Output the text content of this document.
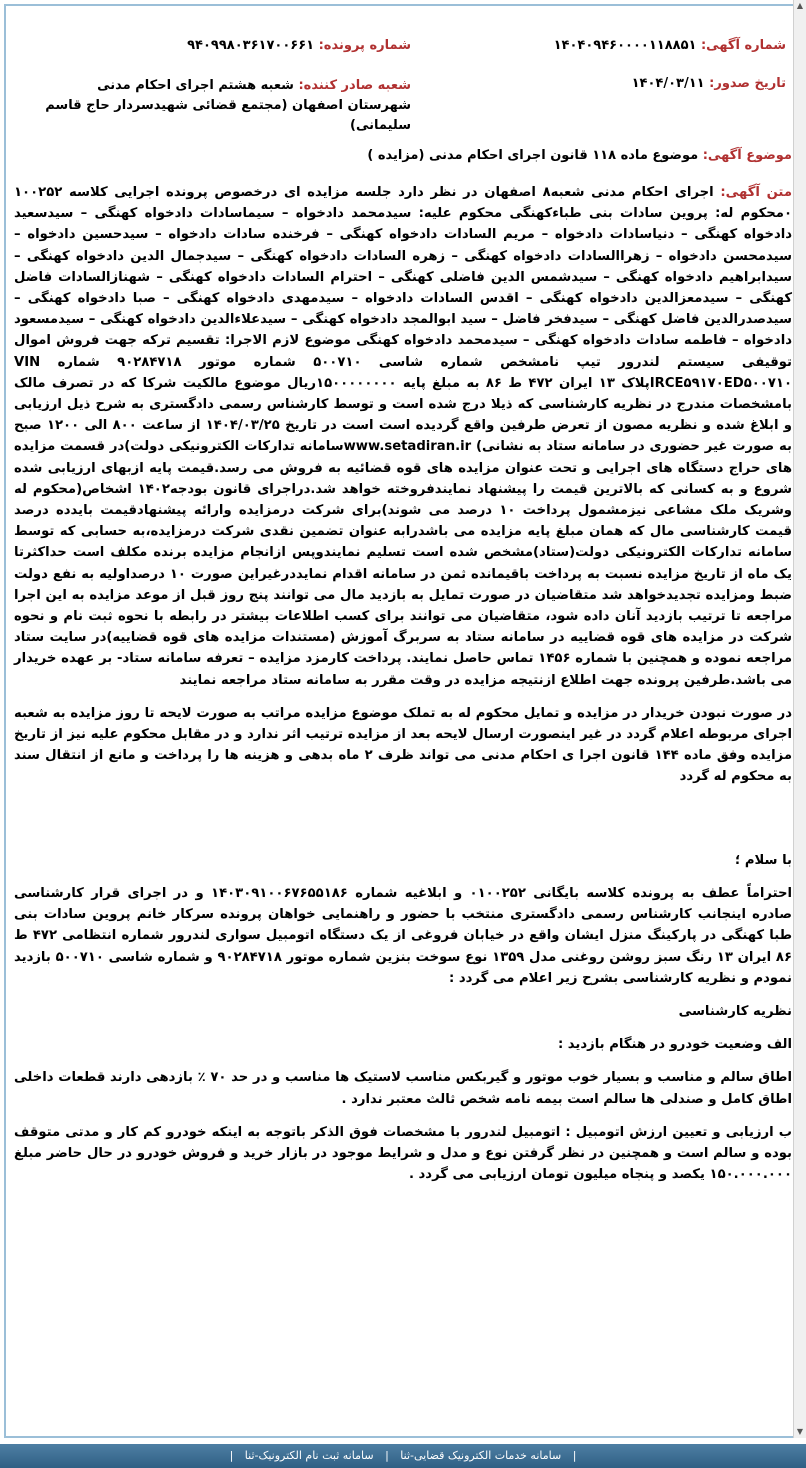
▲
▼
شماره آگهی: ۱۴۰۴۰۹۴۶۰۰۰۰۱۱۸۸۵۱
شماره پرونده: ۹۴۰۹۹۸۰۳۶۱۷۰۰۶۶۱
تاریخ صدور: ۱۴۰۴/۰۳/۱۱
شعبه صادر کننده: شعبه هشتم اجرای احکام مدنی شهرستان اصفهان (مجتمع قضائی شهیدسردار حاج قاسم سلیمانی)
موضوع آگهی: موضوع ماده ۱۱۸ قانون اجرای احکام مدنی (مزایده )

متن آگهی: اجرای احکام مدنی شعبه۸ اصفهان در نظر دارد جلسه مزایده ای درخصوص پرونده اجرایی کلاسه ۱۰۰۲۵۲ ۰محکوم له: پروین سادات بنی طباءکهنگی محکوم علیه: سیدمحمد دادخواه – سیماسادات دادخواه کهنگی – سیدسعید دادخواه کهنگی – دنیاسادات دادخواه – مریم السادات دادخواه کهنگی – فرخنده سادات دادخواه – سیدحسین دادخواه – سیدمحسن دادخواه – زهراالسادات دادخواه کهنگی – زهره السادات دادخواه کهنگی – سیدجمال الدین دادخواه کهنگی – سیدابراهیم دادخواه کهنگی – سیدشمس الدین فاضلی کهنگی – احترام السادات دادخواه کهنگی – شهنازالسادات فاضل کهنگی – سیدمعزالدین دادخواه کهنگی – اقدس السادات دادخواه – سیدمهدی دادخواه کهنگی – صبا دادخواه کهنگی – سیدصدرالدین فاضل کهنگی – سیدفخر فاضل – سید ابوالمجد دادخواه کهنگی – سیدعلاءالدین دادخواه کهنگی – سیدمسعود دادخواه – فاطمه سادات دادخواه کهنگی – سیدمحمد دادخواه کهنگی موضوع لازم الاجرا: تقسیم ترکه جهت فروش اموال توقیفی سیستم لندرور تیپ نامشخص شماره شاسی ۵۰۰۷۱۰ شماره موتور ۹۰۲۸۴۷۱۸ شماره VIN IRCE۵۹۱۷۰ED۵۰۰۷۱۰پلاک ۱۳ ایران ۴۷۲ ط ۸۶ به مبلغ پایه ۱۵۰۰۰۰۰۰۰۰ریال موضوع مالکیت شرکا که در تصرف مالک بامشخصات مندرج در نظریه کارشناسی که ذیلا درج شده است و توسط کارشناس رسمی دادگستری به شرح ذیل ارزیابی و ابلاغ شده و نظریه مصون از تعرض طرفین واقع گردیده است است در تاریخ ۱۴۰۴/۰۳/۲۵ از ساعت ۸۰۰ الی ۱۲۰۰ صبح به صورت غیر حضوری در سامانه ستاد به نشانی) www.setadiran.irسامانه تدارکات الکترونیکی دولت)در قسمت مزایده های حراج دستگاه های اجرایی و تحت عنوان مزایده های قوه قضائیه به فروش می رسد.قیمت پایه ازبهای ارزیابی شده شروع و به کسانی که بالاترین قیمت را پیشنهاد نمایندفروخته خواهد شد.دراجرای قانون بودجه۱۴۰۲ اشخاص(محکوم له وشریک ملک مشاعی نیزمشمول پرداخت ۱۰ درصد می شوند)برای شرکت درمزایده وارائه پیشنهادقیمت بایدده درصد قیمت کارشناسی مال که همان مبلغ پایه مزایده می باشدرابه عنوان تضمین نقدی شرکت درمزایده،به حسابی که توسط سامانه تدارکات الکترونیکی دولت(ستاد)مشخص شده است تسلیم نمایندوپس ازانجام مزایده برنده مکلف است حداکثرتا یک ماه از تاریخ مزایده نسبت به پرداخت باقیمانده ثمن در سامانه اقدام نمایددرغیراین صورت ۱۰ درصداولیه به نفع دولت ضبط ومزایده تجدیدخواهد شد متقاضیان در صورت تمایل به بازدید مال می توانند پنج روز قبل از موعد مزایده به این اجرا مراجعه تا ترتیب بازدید آنان داده شود، متقاضیان می توانند برای کسب اطلاعات بیشتر در رابطه با نحوه ثبت نام و نحوه شرکت در مزایده های قوه قضاییه در سامانه ستاد به سربرگ آموزش (مستندات مزایده های قوه قضاییه)در سایت ستاد مراجعه نموده و همچنین با شماره ۱۴۵۶ تماس حاصل نمایند. پرداخت کارمزد مزایده – تعرفه سامانه ستاد- بر عهده خریدار می باشد.طرفین پرونده جهت اطلاع ازنتیجه مزایده در وقت مقرر به سامانه ستاد مراجعه نمایند

در صورت نبودن خریدار در مزایده و تمایل محکوم له به تملک موضوع مزایده مراتب به صورت لایحه تا روز مزایده به شعبه اجرای مربوطه اعلام گردد در غیر اینصورت ارسال لایحه بعد از مزایده ترتیب اثر ندارد و در مقابل محکوم علیه نیز از تاریخ مزایده وفق ماده ۱۴۴ قانون اجرا ی احکام مدنی می تواند ظرف ۲ ماه بدهی و هزینه ها را پرداخت و مانع از انتقال سند به محکوم له گردد

با سلام ؛

احتراماً عطف به پرونده کلاسه بایگانی ۰۱۰۰۲۵۲ و ابلاغیه شماره ۱۴۰۳۰۹۱۰۰۶۷۶۵۵۱۸۶ و در اجرای قرار کارشناسی صادره اینجانب کارشناس رسمی دادگستری منتخب با حضور و راهنمایی خواهان پرونده سرکار خانم پروین سادات بنی طبا کهنگی در پارکینگ منزل ایشان واقع در خیابان فروغی از یک دستگاه اتومبیل سواری لندرور شماره انتظامی ۴۷۲ ط ۸۶ ایران ۱۳ رنگ سبز روشن روغنی مدل ۱۳۵۹ نوع سوخت بنزین شماره موتور ۹۰۲۸۴۷۱۸ و شماره شاسی ۵۰۰۷۱۰ بازدید نمودم و نظریه کارشناسی بشرح زیر اعلام می گردد :

نظریه کارشناسی

الف وضعیت خودرو در هنگام بازدید :

اطاق سالم و مناسب و بسیار خوب موتور و گیربکس مناسب لاستیک ها مناسب و در حد ۷۰ ٪ بازدهی دارند قطعات داخلی اطاق کامل و صندلی ها سالم است بیمه نامه شخص ثالث معتبر ندارد .

ب ارزیابی و تعیین ارزش اتومبیل : اتومبیل لندرور با مشخصات فوق الذکر باتوجه به اینکه خودرو کم کار و مدتی متوقف بوده و سالم است و همچنین در نظر گرفتن نوع و مدل و شرایط موجود در بازار خرید و فروش خودرو در حال حاضر مبلغ ۱۵۰.۰۰۰.۰۰۰ یکصد و پنجاه میلیون تومان ارزیابی می گردد .

| سامانه خدمات الکترونیک قضایی-ثنا | سامانه ثبت نام الکترونیک-ثنا |
